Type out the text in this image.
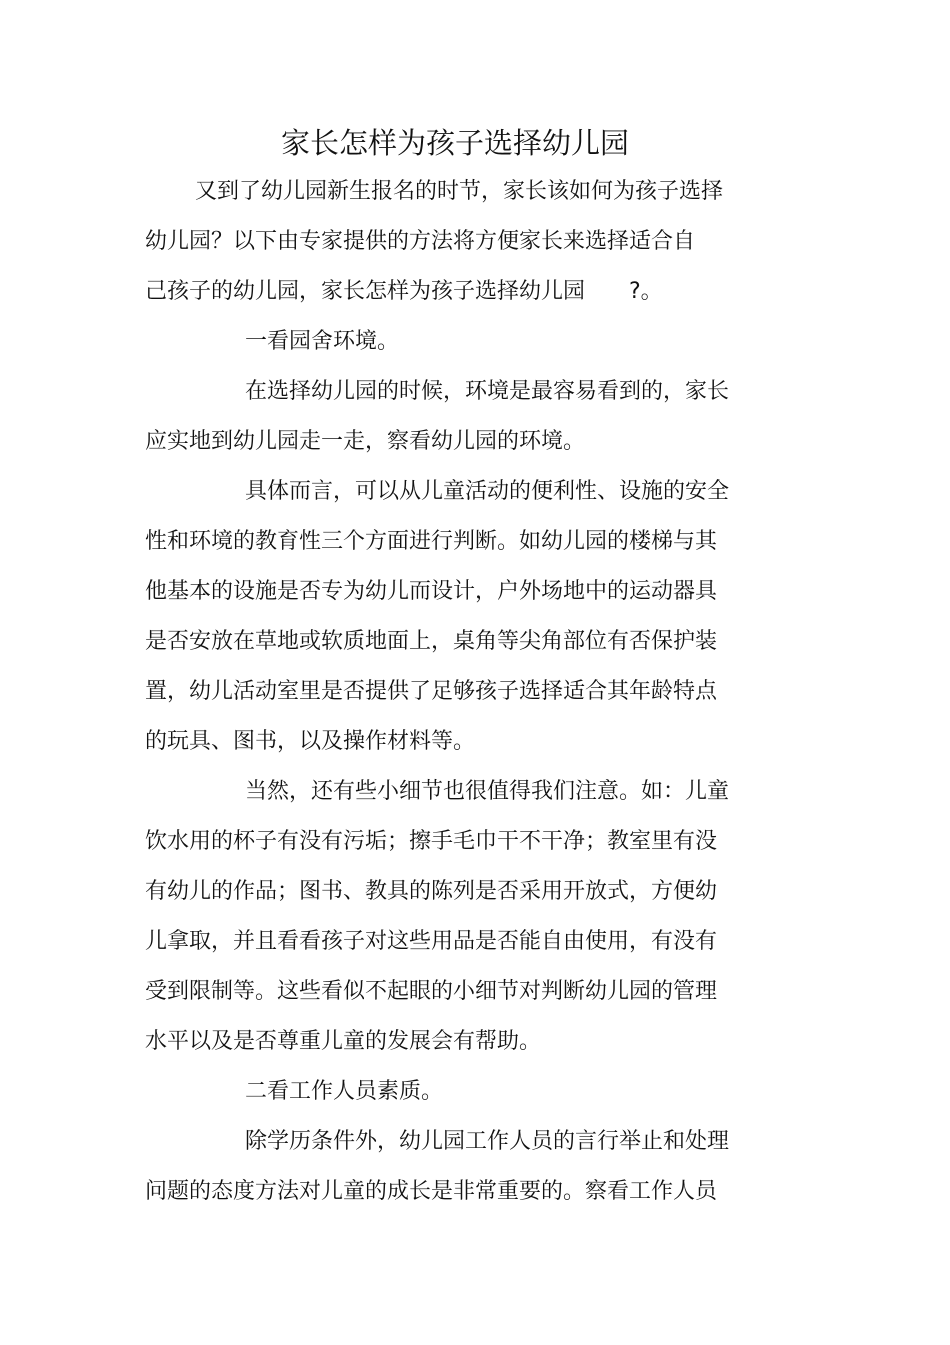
家长怎样为孩子选择幼儿园
又到了幼儿园新生报名的时节，家长该如何为孩子选择
幼儿园？以下由专家提供的方法将方便家长来选择适合自
己孩子的幼儿园，家长怎样为孩子选择幼儿园　　?。
一看园舍环境。
在选择幼儿园的时候，环境是最容易看到的，家长
应实地到幼儿园走一走，察看幼儿园的环境。
具体而言，可以从儿童活动的便利性、设施的安全
性和环境的教育性三个方面进行判断。如幼儿园的楼梯与其
他基本的设施是否专为幼儿而设计，户外场地中的运动器具
是否安放在草地或软质地面上，桌角等尖角部位有否保护装
置，幼儿活动室里是否提供了足够孩子选择适合其年龄特点
的玩具、图书，以及操作材料等。
当然，还有些小细节也很值得我们注意。如：儿童
饮水用的杯子有没有污垢；擦手毛巾干不干净；教室里有没
有幼儿的作品；图书、教具的陈列是否采用开放式，方便幼
儿拿取，并且看看孩子对这些用品是否能自由使用，有没有
受到限制等。这些看似不起眼的小细节对判断幼儿园的管理
水平以及是否尊重儿童的发展会有帮助。
二看工作人员素质。
除学历条件外，幼儿园工作人员的言行举止和处理
问题的态度方法对儿童的成长是非常重要的。察看工作人员
